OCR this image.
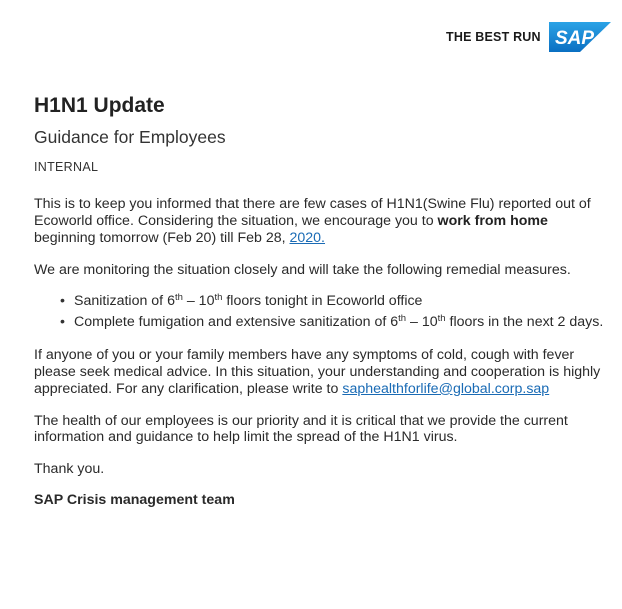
THE BEST RUN SAP
H1N1 Update
Guidance for Employees
INTERNAL

This is to keep you informed that there are few cases of H1N1(Swine Flu) reported out of Ecoworld office. Considering the situation, we encourage you to work from home beginning tomorrow (Feb 20) till Feb 28, 2020.

We are monitoring the situation closely and will take the following remedial measures.

• Sanitization of 6th – 10th floors tonight in Ecoworld office
• Complete fumigation and extensive sanitization of 6th – 10th floors in the next 2 days.

If anyone of you or your family members have any symptoms of cold, cough with fever please seek medical advice. In this situation, your understanding and cooperation is highly appreciated. For any clarification, please write to saphealthforlife@global.corp.sap

The health of our employees is our priority and it is critical that we provide the current information and guidance to help limit the spread of the H1N1 virus.

Thank you.

SAP Crisis management team
